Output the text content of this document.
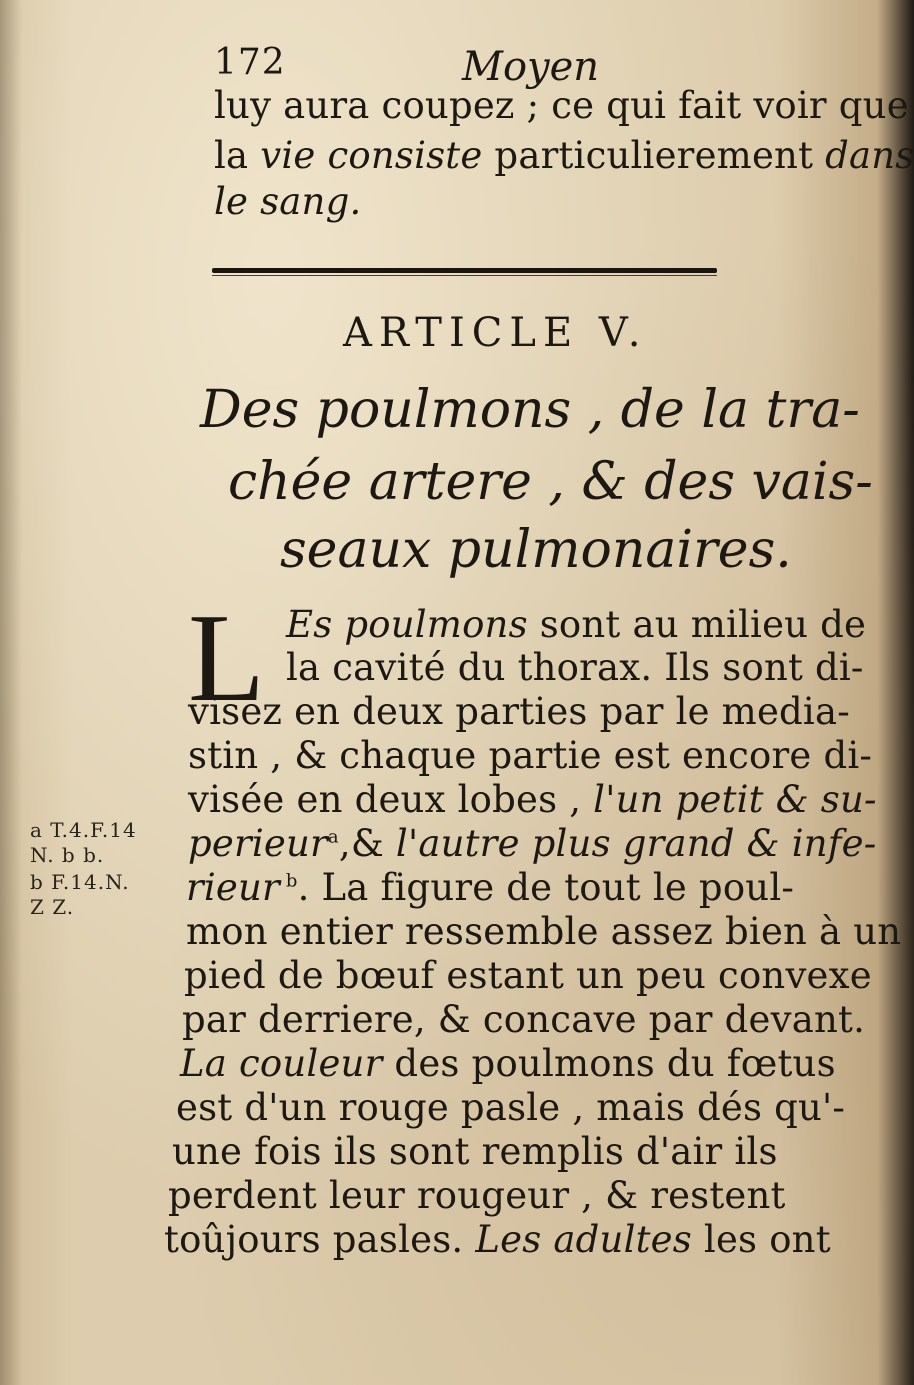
172	Moyen
luy aura coupez ; ce qui fait voir que
la vie consiste particulierement dans
le sang.
ARTICLE V.
Des poulmons , de la tra-
chée artere , & des vais-
seaux pulmonaires.
L Es poulmons sont au milieu de
la cavité du thorax. Ils sont di-
visez en deux parties par le media-
stin , & chaque partie est encore di-
visée en deux lobes , l'un petit & su-
perieur$^a$,& l'autre plus grand & infe-
rieur $^b$. La figure de tout le poul-
mon entier ressemble assez bien à un
pied de bœuf estant un peu convexe
par derriere, & concave par devant.
La couleur des poulmons du fœtus
est d'un rouge pasle , mais dés qu'-
une fois ils sont remplis d'air ils
perdent leur rougeur , & restent
toûjours pasles. Les adultes les ont
a T.4.F.14
N. b b.
b F.14.N.
Z Z.
